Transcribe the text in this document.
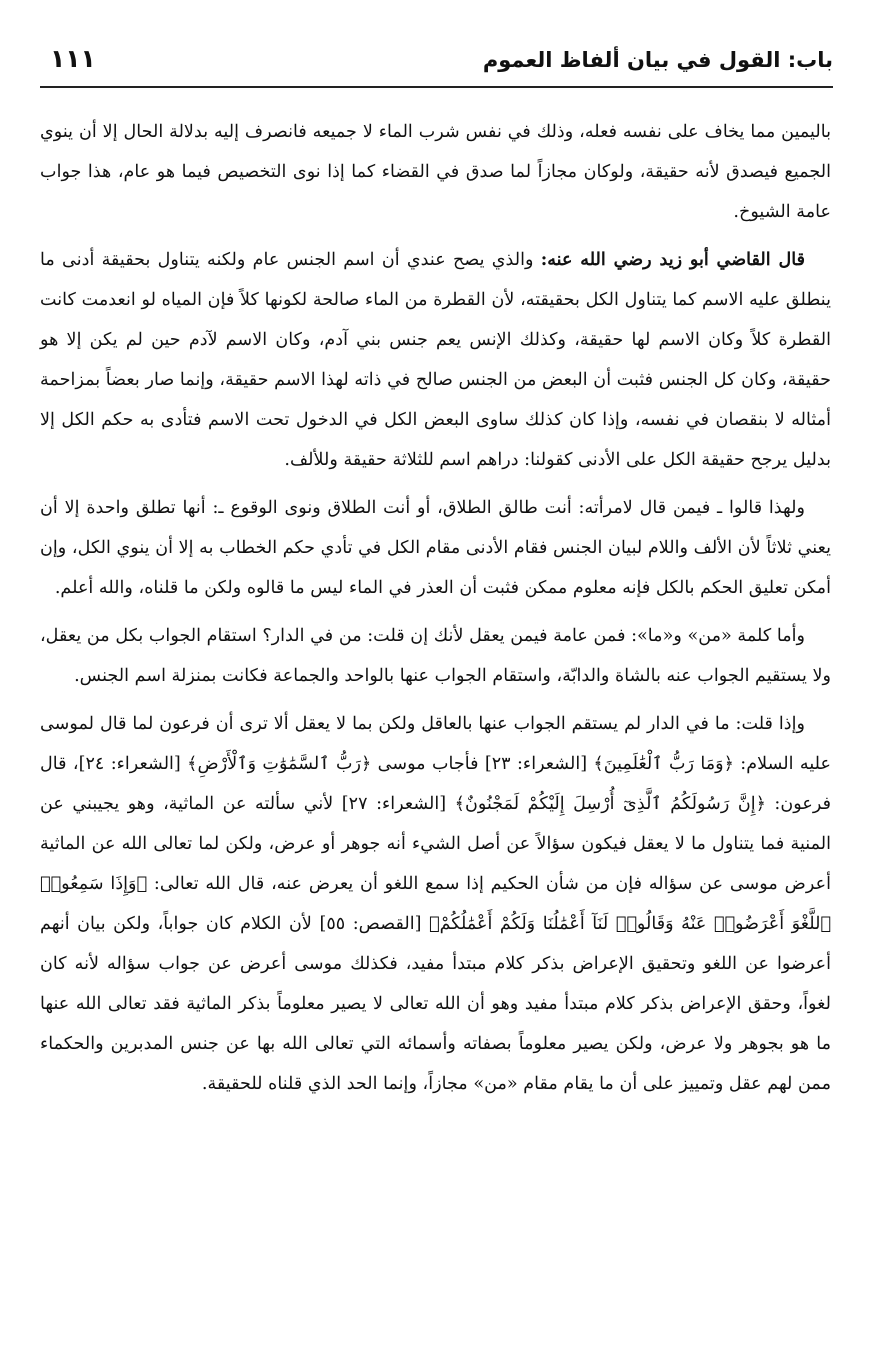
باب: القول في بيان ألفاظ العموم
١١١

باليمين مما يخاف على نفسه فعله، وذلك في نفس شرب الماء لا جميعه فانصرف إليه بدلالة الحال إلا أن ينوي الجميع فيصدق لأنه حقيقة، ولوكان مجازاً لما صدق في القضاء كما إذا نوى التخصيص فيما هو عام، هذا جواب عامة الشيوخ.

قال القاضي أبو زيد رضي الله عنه: والذي يصح عندي أن اسم الجنس عام ولكنه يتناول بحقيقة أدنى ما ينطلق عليه الاسم كما يتناول الكل بحقيقته، لأن القطرة من الماء صالحة لكونها كلاً فإن المياه لو انعدمت كانت القطرة كلاً وكان الاسم لها حقيقة، وكذلك الإنس يعم جنس بني آدم، وكان الاسم لآدم حين لم يكن إلا هو حقيقة، وكان كل الجنس فثبت أن البعض من الجنس صالح في ذاته لهذا الاسم حقيقة، وإنما صار بعضاً بمزاحمة أمثاله لا بنقصان في نفسه، وإذا كان كذلك ساوى البعض الكل في الدخول تحت الاسم فتأدى به حكم الكل إلا بدليل يرجح حقيقة الكل على الأدنى كقولنا: دراهم اسم للثلاثة حقيقة وللألف.

ولهذا قالوا ـ فيمن قال لامرأته: أنت طالق الطلاق، أو أنت الطلاق ونوى الوقوع ـ: أنها تطلق واحدة إلا أن يعني ثلاثاً لأن الألف واللام لبيان الجنس فقام الأدنى مقام الكل في تأدي حكم الخطاب به إلا أن ينوي الكل، وإن أمكن تعليق الحكم بالكل فإنه معلوم ممكن فثبت أن العذر في الماء ليس ما قالوه ولكن ما قلناه، والله أعلم.

وأما كلمة «من» و«ما»: فمن عامة فيمن يعقل لأنك إن قلت: من في الدار؟ استقام الجواب بكل من يعقل، ولا يستقيم الجواب عنه بالشاة والدابّة، واستقام الجواب عنها بالواحد والجماعة فكانت بمنزلة اسم الجنس.

وإذا قلت: ما في الدار لم يستقم الجواب عنها بالعاقل ولكن بما لا يعقل ألا ترى أن فرعون لما قال لموسى عليه السلام: ﴿وَمَا رَبُّ ٱلْعَٰلَمِينَ﴾ [الشعراء: ٢٣] فأجاب موسى ﴿رَبُّ ٱلسَّمَٰوَٰتِ وَٱلْأَرْضِ﴾ [الشعراء: ٢٤]، قال فرعون: ﴿إِنَّ رَسُولَكُمُ ٱلَّذِىٓ أُرْسِلَ إِلَيْكُمْ لَمَجْنُونٌ﴾ [الشعراء: ٢٧] لأني سألته عن الماثية، وهو يجيبني عن المنية فما يتناول ما لا يعقل فيكون سؤالاً عن أصل الشيء أنه جوهر أو عرض، ولكن لما تعالى الله عن الماثية أعرض موسى عن سؤاله فإن من شأن الحكيم إذا سمع اللغو أن يعرض عنه، قال الله تعالى: ﴿وَإِذَا سَمِعُوا۟ ٱللَّغْوَ أَعْرَضُوا۟ عَنْهُ وَقَالُوا۟ لَنَآ أَعْمَٰلُنَا وَلَكُمْ أَعْمَٰلُكُمْ﴾ [القصص: ٥٥] لأن الكلام كان جواباً، ولكن بيان أنهم أعرضوا عن اللغو وتحقيق الإعراض بذكر كلام مبتدأ مفيد، فكذلك موسى أعرض عن جواب سؤاله لأنه كان لغواً، وحقق الإعراض بذكر كلام مبتدأ مفيد وهو أن الله تعالى لا يصير معلوماً بذكر الماثية فقد تعالى الله عنها ما هو بجوهر ولا عرض، ولكن يصير معلوماً بصفاته وأسمائه التي تعالى الله بها عن جنس المدبرين والحكماء ممن لهم عقل وتمييز على أن ما يقام مقام «من» مجازاً، وإنما الحد الذي قلناه للحقيقة.
